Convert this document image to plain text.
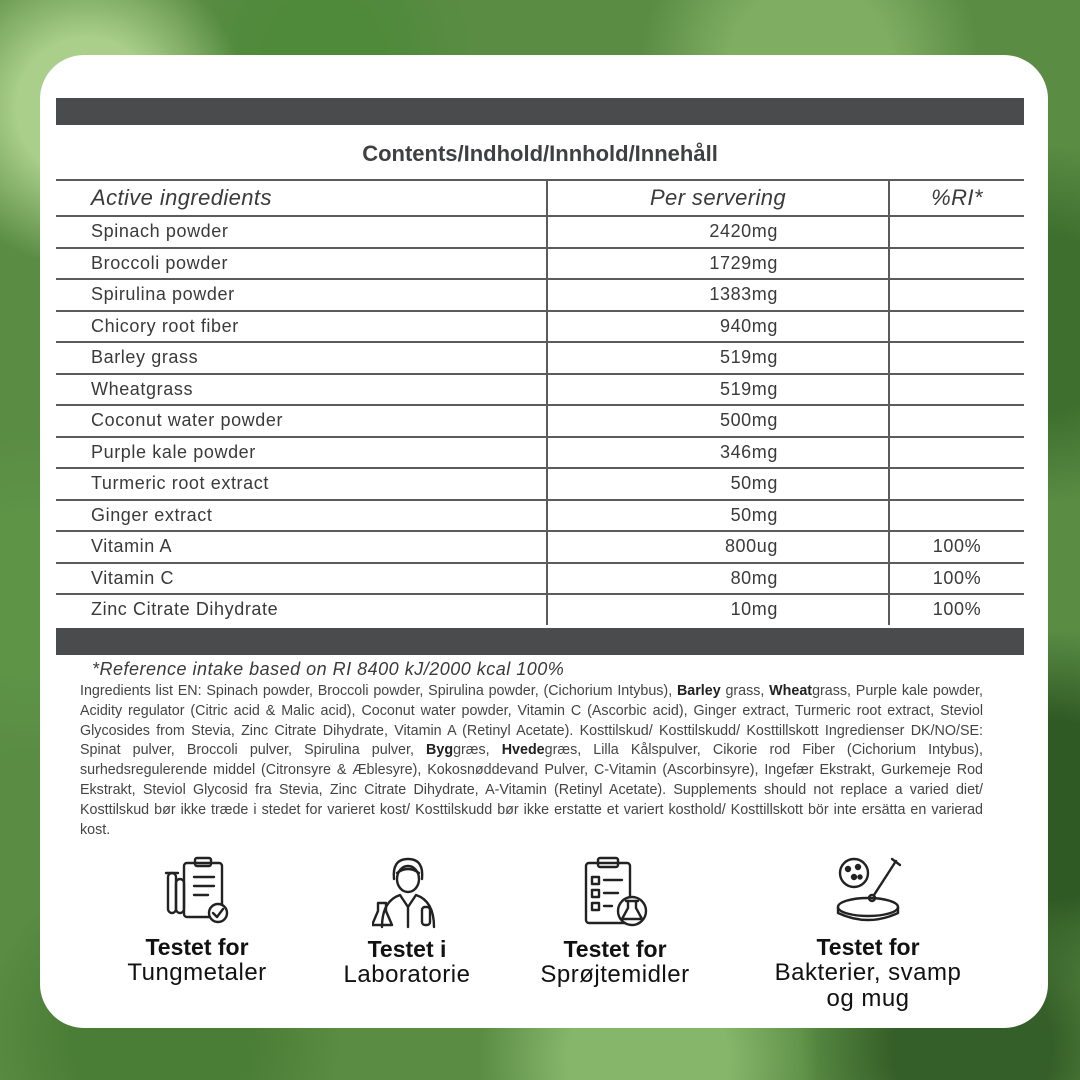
Contents/Indhold/Innhold/Innehåll
Active ingredients	Per servering	%RI*
Spinach powder	2420mg	
Broccoli powder	1729mg	
Spirulina powder	1383mg	
Chicory root fiber	940mg	
Barley grass	519mg	
Wheatgrass	519mg	
Coconut water powder	500mg	
Purple kale powder	346mg	
Turmeric root extract	50mg	
Ginger extract	50mg	
Vitamin A	800ug	100%
Vitamin C	80mg	100%
Zinc Citrate Dihydrate	10mg	100%
*Reference intake based on RI 8400 kJ/2000 kcal 100%
Ingredients list EN: Spinach powder, Broccoli powder, Spirulina powder, (Cichorium Intybus), Barley grass, Wheatgrass, Purple kale powder, Acidity regulator (Citric acid & Malic acid), Coconut water powder, Vitamin C (Ascorbic acid), Ginger extract, Turmeric root extract, Steviol Glycosides from Stevia, Zinc Citrate Dihydrate, Vitamin A (Retinyl Acetate). Kosttilskud/ Kosttilskudd/ Kosttillskott Ingredienser DK/NO/SE: Spinat pulver, Broccoli pulver, Spirulina pulver, Byggræs, Hvedegræs, Lilla Kålspulver, Cikorie rod Fiber (Cichorium Intybus), surhedsregulerende middel (Citronsyre & Æblesyre), Kokosnøddevand Pulver, C-Vitamin (Ascorbinsyre), Ingefær Ekstrakt, Gurkemeje Rod Ekstrakt, Steviol Glycosid fra Stevia, Zinc Citrate Dihydrate, A-Vitamin (Retinyl Acetate). Supplements should not replace a varied diet/ Kosttilskud bør ikke træde i stedet for varieret kost/ Kosttilskudd bør ikke erstatte et variert kosthold/ Kosttillskott bör inte ersätta en varierad kost.
Testet for
Tungmetaler
Testet i
Laboratorie
Testet for
Sprøjtemidler
Testet for
Bakterier, svamp
og mug
